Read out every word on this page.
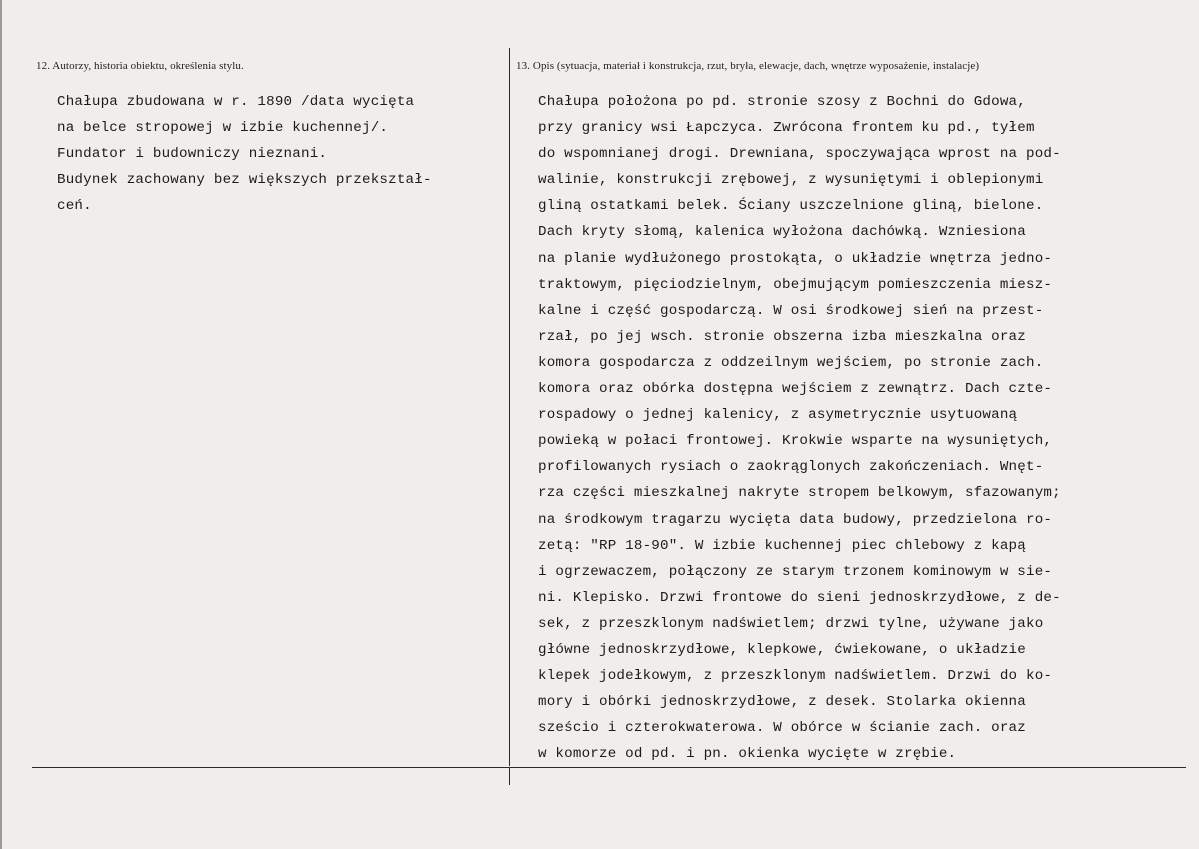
12. Autorzy, historia obiektu, określenia stylu.	13. Opis (sytuacja, materiał i konstrukcja, rzut, bryła, elewacje, dach, wnętrze wyposażenie, instalacje)
Chałupa zbudowana w r. 1890 /data wycięta
na belce stropowej w izbie kuchennej/.
Fundator i budowniczy nieznani.
Budynek zachowany bez większych przekształ-
ceń.
Chałupa położona po pd. stronie szosy z Bochni do Gdowa,
przy granicy wsi Łapczyca. Zwrócona frontem ku pd., tyłem
do wspomnianej drogi. Drewniana, spoczywająca wprost na pod-
walinie, konstrukcji zrębowej, z wysuniętymi i oblepionymi
gliną ostatkami belek. Ściany uszczelnione gliną, bielone.
Dach kryty słomą, kalenica wyłożona dachówką. Wzniesiona
na planie wydłużonego prostokąta, o układzie wnętrza jedno-
traktowym, pięciodzielnym, obejmującym pomieszczenia miesz-
kalne i część gospodarczą. W osi środkowej sień na przest-
rzał, po jej wsch. stronie obszerna izba mieszkalna oraz
komora gospodarcza z oddzeilnym wejściem, po stronie zach.
komora oraz obórka dostępna wejściem z zewnątrz. Dach czte-
rospadowy o jednej kalenicy, z asymetrycznie usytuowaną
powieką w połaci frontowej. Krokwie wsparte na wysuniętych,
profilowanych rysiach o zaokrąglonych zakończeniach. Wnęt-
rza części mieszkalnej nakryte stropem belkowym, sfazowanym;
na środkowym tragarzu wycięta data budowy, przedzielona ro-
zetą: "RP 18-90". W izbie kuchennej piec chlebowy z kapą
i ogrzewaczem, połączony ze starym trzonem kominowym w sie-
ni. Klepisko. Drzwi frontowe do sieni jednoskrzydłowe, z de-
sek, z przeszklonym nadświetlem; drzwi tylne, używane jako
główne jednoskrzydłowe, klepkowe, ćwiekowane, o układzie
klepek jodełkowym, z przeszklonym nadświetlem. Drzwi do ko-
mory i obórki jednoskrzydłowe, z desek. Stolarka okienna
sześcio i czterokwaterowa. W obórce w ścianie zach. oraz
w komorze od pd. i pn. okienka wycięte w zrębie.
